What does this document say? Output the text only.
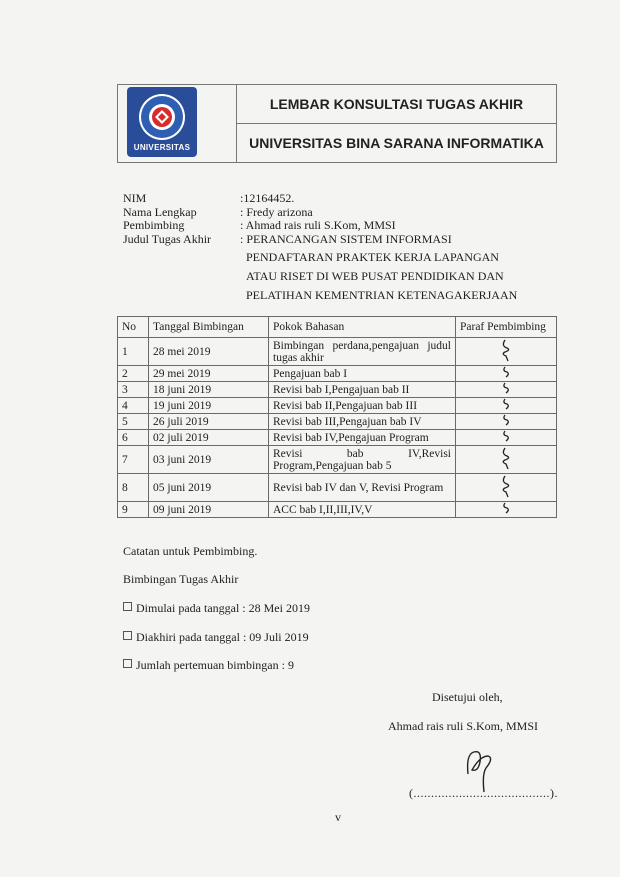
UNIVERSITAS
LEMBAR KONSULTASI TUGAS AKHIR
UNIVERSITAS BINA SARANA INFORMATIKA
NIM	:12164452.
Nama Lengkap	: Fredy arizona
Pembimbing	: Ahmad rais ruli S.Kom, MMSI
Judul Tugas Akhir	: PERANCANGAN SISTEM INFORMASI
PENDAFTARAN PRAKTEK KERJA LAPANGAN
ATAU RISET DI WEB PUSAT PENDIDIKAN DAN
PELATIHAN KEMENTRIAN KETENAGAKERJAAN
No	Tanggal Bimbingan	Pokok Bahasan	Paraf Pembimbing
1	28 mei 2019	Bimbingan perdana,pengajuan judul tugas akhir	
2	29 mei 2019	Pengajuan bab I	
3	18 juni 2019	Revisi bab I,Pengajuan bab II	
4	19 juni 2019	Revisi bab II,Pengajuan bab III	
5	26 juli 2019	Revisi bab III,Pengajuan bab IV	
6	02 juli 2019	Revisi bab IV,Pengajuan Program	
7	03 juni 2019	Revisi bab IV,Revisi Program,Pengajuan bab 5	
8	05 juni 2019	Revisi bab IV dan V, Revisi Program	
9	09 juni 2019	ACC bab I,II,III,IV,V	
Catatan untuk Pembimbing.
Bimbingan Tugas Akhir
Dimulai pada tanggal : 28 Mei 2019
Diakhiri pada tanggal : 09 Juli 2019
Jumlah pertemuan bimbingan : 9
Disetujui oleh,
Ahmad rais ruli S.Kom, MMSI
(.......................................).
v
